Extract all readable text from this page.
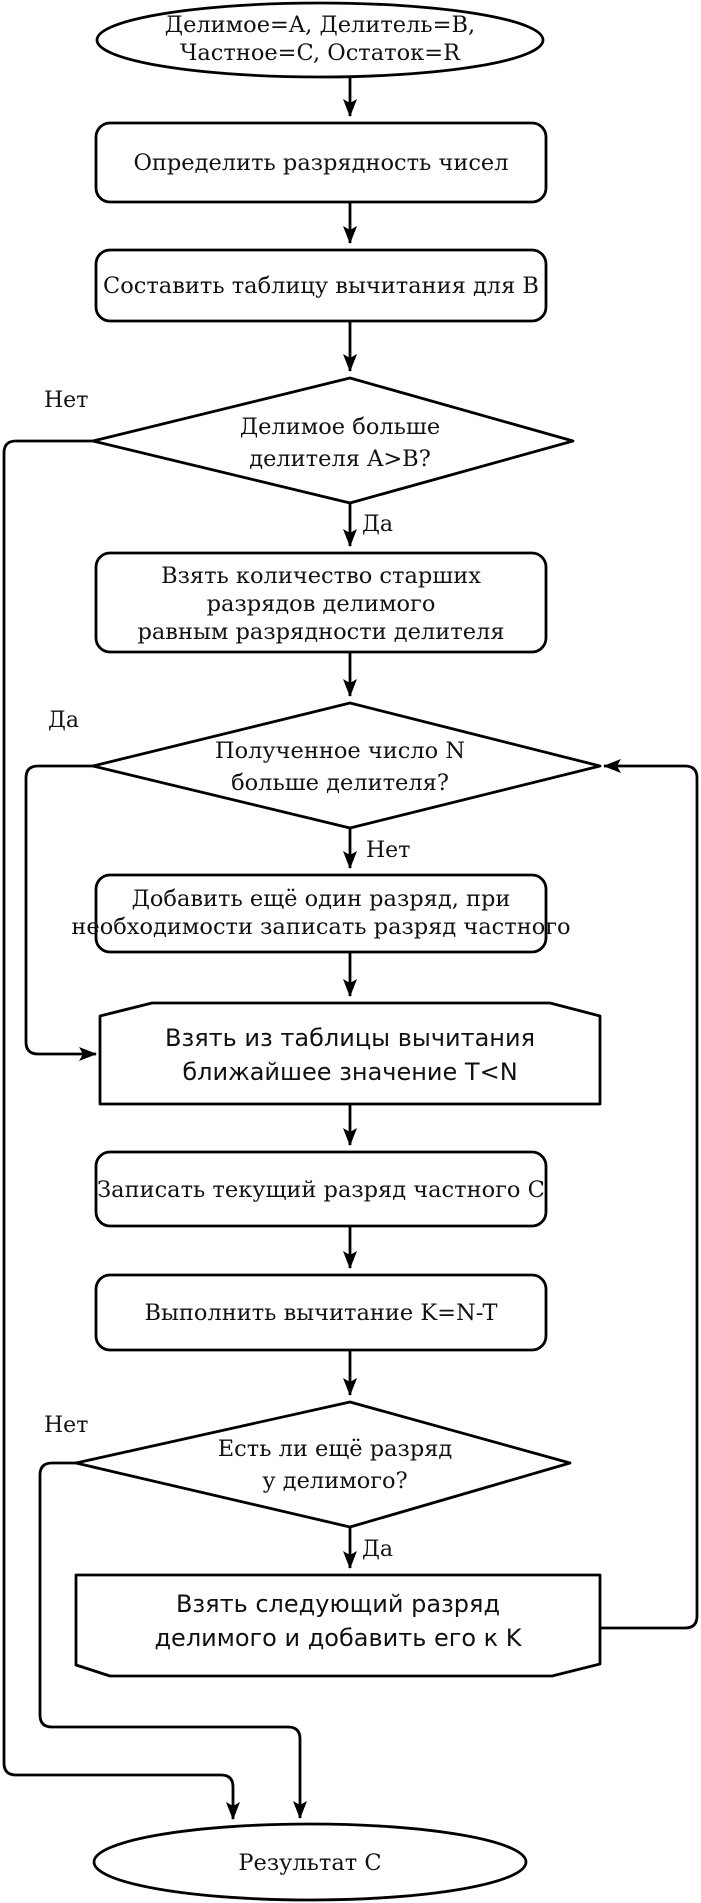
Делимое=A, Делитель=B,
Частное=C, Остаток=R
Определить разрядность чисел
Составить таблицу вычитания для B
Делимое больше
делителя A>B?
Нет
Да
Взять количество старших
разрядов делимого
равным разрядности делителя
Полученное число N
больше делителя?
Да
Нет
Добавить ещё один разряд, при
необходимости записать разряд частного
Взять из таблицы вычитания
ближайшее значение T<N
Записать текущий разряд частного C
Выполнить вычитание K=N-T
Есть ли ещё разряд
у делимого?
Нет
Да
Взять следующий разряд
делимого и добавить его к K
Результат C
